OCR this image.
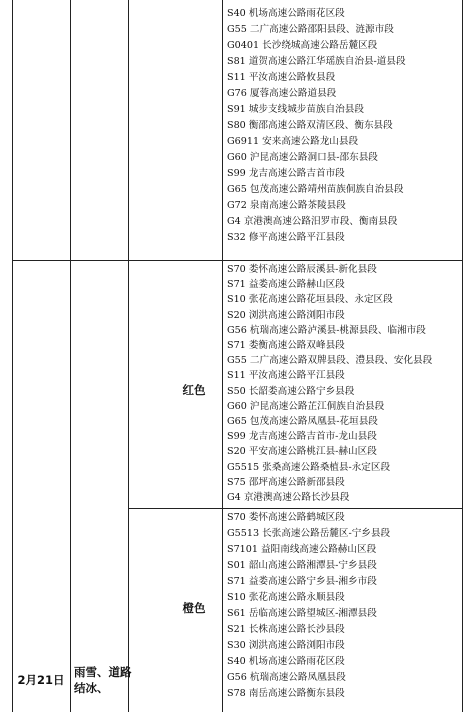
S40 机场高速公路雨花区段
G55 二广高速公路邵阳县段、涟源市段
G0401 长沙绕城高速公路岳麓区段
S81 道贺高速公路江华瑶族自治县-道县段
S11 平汝高速公路攸县段
G76 厦蓉高速公路道县段
S91 城步支线城步苗族自治县段
S80 衡邵高速公路双清区段、衡东县段
G6911 安来高速公路龙山县段
G60 沪昆高速公路洞口县-邵东县段
S99 龙吉高速公路吉首市段
G65 包茂高速公路靖州苗族侗族自治县段
G72 泉南高速公路茶陵县段
G4 京港澳高速公路汨罗市段、衡南县段
S32 修平高速公路平江县段
红色
S70 娄怀高速公路辰溪县-新化县段
S71 益娄高速公路赫山区段
S10 张花高速公路花垣县段、永定区段
S20 浏洪高速公路浏阳市段
G56 杭瑞高速公路泸溪县-桃源县段、临湘市段
S71 娄衡高速公路双峰县段
G55 二广高速公路双牌县段、澧县段、安化县段
S11 平汝高速公路平江县段
S50 长韶娄高速公路宁乡县段
G60 沪昆高速公路芷江侗族自治县段
G65 包茂高速公路凤凰县-花垣县段
S99 龙吉高速公路吉首市-龙山县段
S20 平安高速公路桃江县-赫山区段
G5515 张桑高速公路桑植县-永定区段
S75 邵坪高速公路新邵县段
G4 京港澳高速公路长沙县段
橙色
S70 娄怀高速公路鹤城区段
G5513 长张高速公路岳麓区-宁乡县段
S7101 益阳南线高速公路赫山区段
S01 韶山高速公路湘潭县-宁乡县段
S71 益娄高速公路宁乡县-湘乡市段
S10 张花高速公路永顺县段
S61 岳临高速公路望城区-湘潭县段
S21 长株高速公路长沙县段
S30 浏洪高速公路浏阳市段
S40 机场高速公路雨花区段
G56 杭瑞高速公路凤凰县段
S78 南岳高速公路衡东县段
2月21日
雨雪、道路结冰、
